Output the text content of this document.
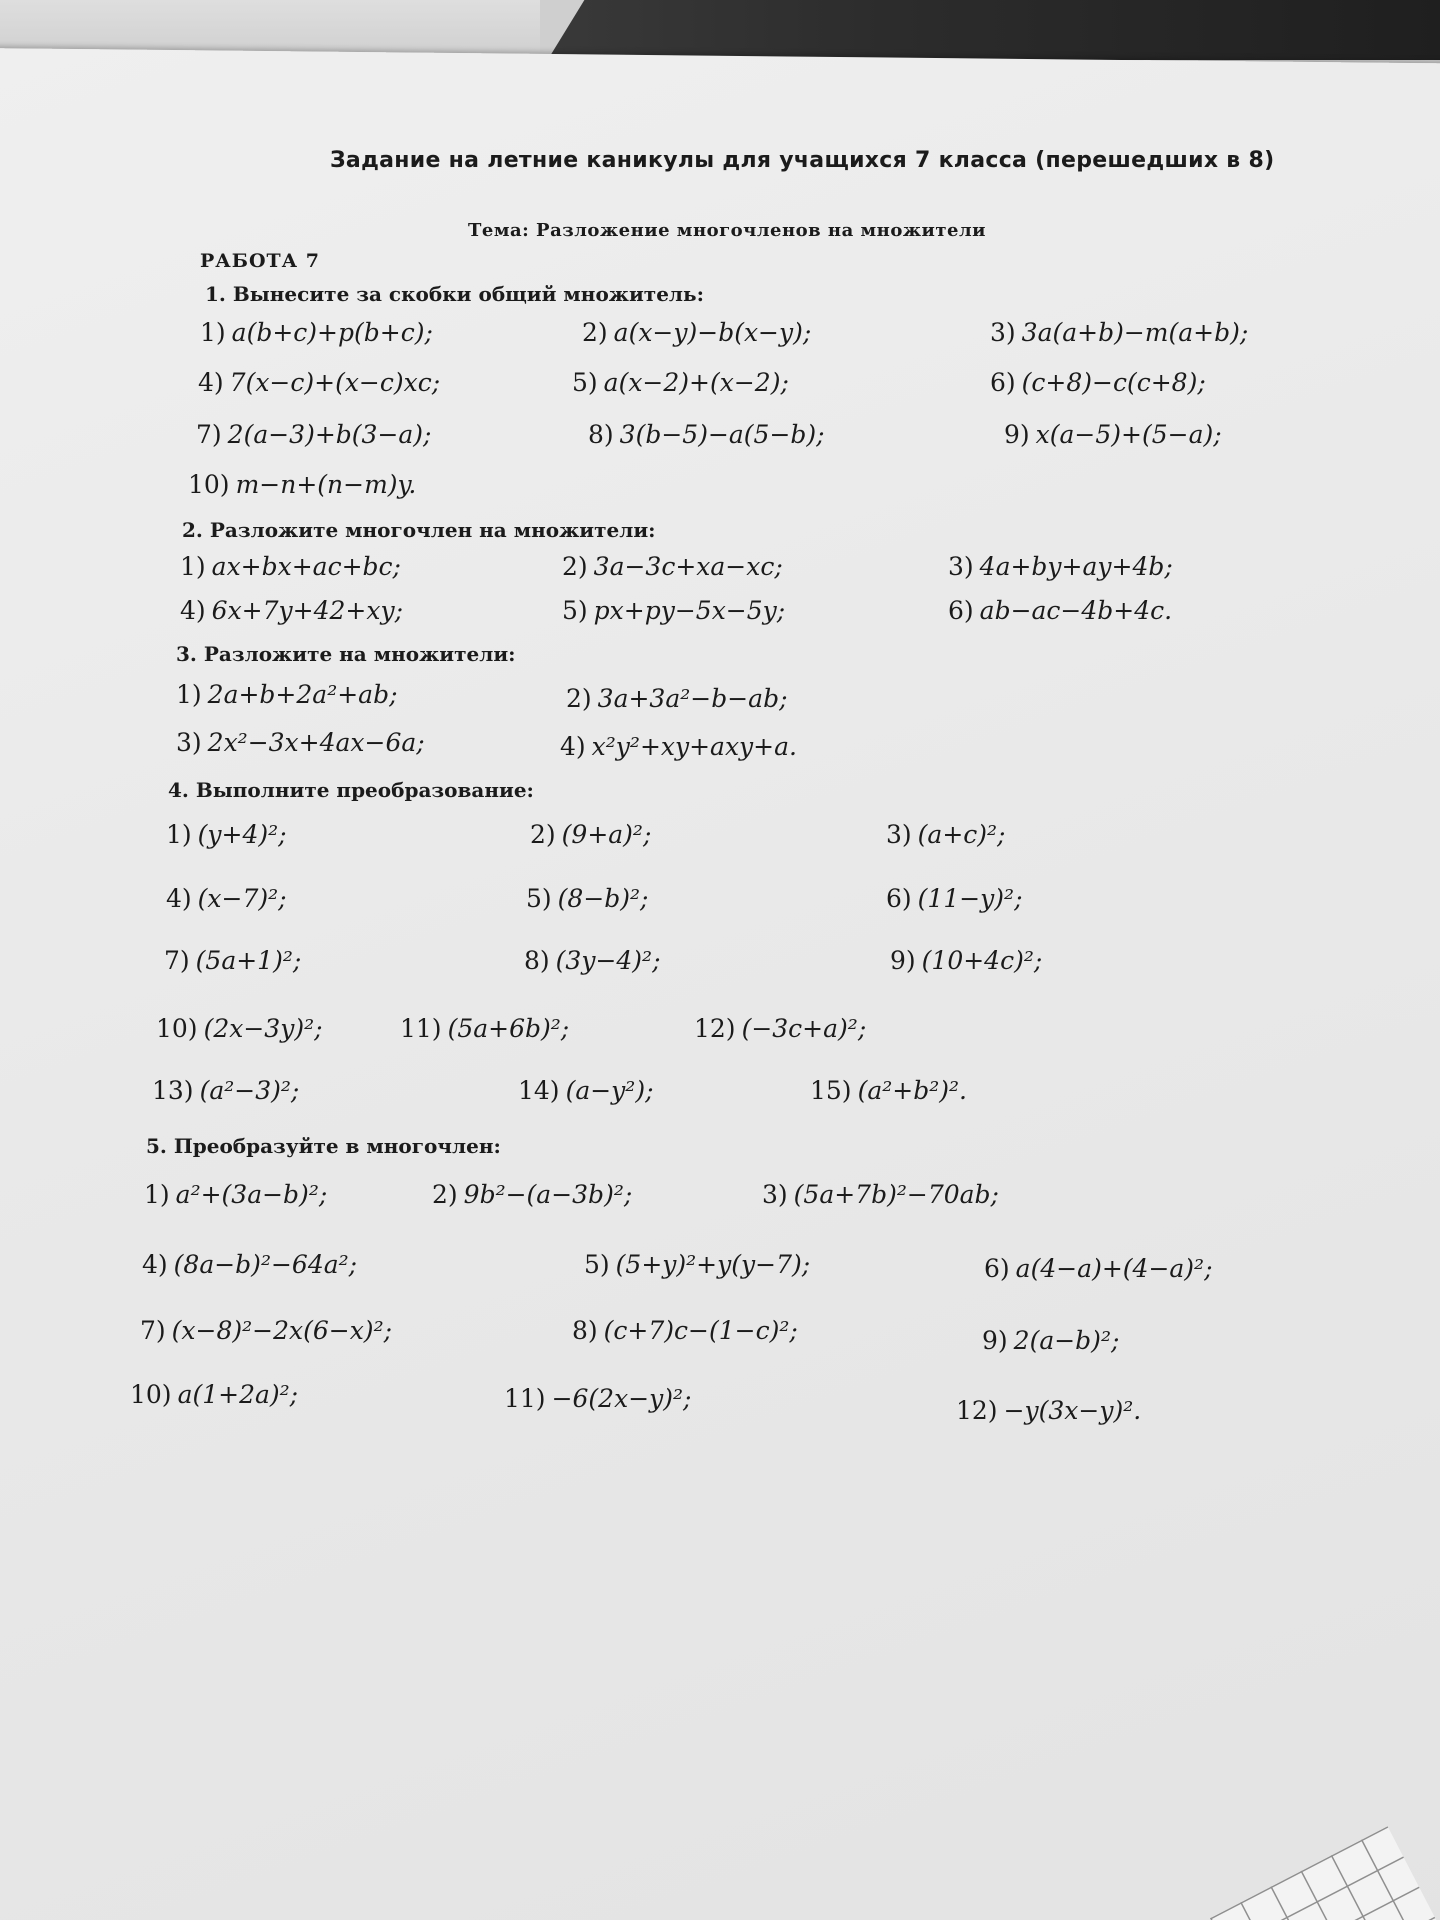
Задание на летние каникулы для учащихся 7 класса (перешедших в 8)
Тема: Разложение многочленов на множители
РАБОТА 7
1. Вынесите за скобки общий множитель:
1) a(b+c)+p(b+c);	2) a(x−y)−b(x−y);	3) 3a(a+b)−m(a+b);
4) 7(x−c)+(x−c)xc;	5) a(x−2)+(x−2);	6) (c+8)−c(c+8);
7) 2(a−3)+b(3−a);	8) 3(b−5)−a(5−b);	9) x(a−5)+(5−a);
10) m−n+(n−m)y.
2. Разложите многочлен на множители:
1) ax+bx+ac+bc;	2) 3a−3c+xa−xc;	3) 4a+by+ay+4b;
4) 6x+7y+42+xy;	5) px+py−5x−5y;	6) ab−ac−4b+4c.
3. Разложите на множители:
1) 2a+b+2a²+ab;	2) 3a+3a²−b−ab;
3) 2x²−3x+4ax−6a;	4) x²y²+xy+axy+a.
4. Выполните преобразование:
1) (y+4)²;	2) (9+a)²;	3) (a+c)²;
4) (x−7)²;	5) (8−b)²;	6) (11−y)²;
7) (5a+1)²;	8) (3y−4)²;	9) (10+4c)²;
10) (2x−3y)²;	11) (5a+6b)²;	12) (−3c+a)²;
13) (a²−3)²;	14) (a−y²);	15) (a²+b²)².
5. Преобразуйте в многочлен:
1) a²+(3a−b)²;	2) 9b²−(a−3b)²;	3) (5a+7b)²−70ab;
4) (8a−b)²−64a²;	5) (5+y)²+y(y−7);	6) a(4−a)+(4−a)²;
7) (x−8)²−2x(6−x)²;	8) (c+7)c−(1−c)²;	9) 2(a−b)²;
10) a(1+2a)²;	11) −6(2x−y)²;	12) −y(3x−y)².
